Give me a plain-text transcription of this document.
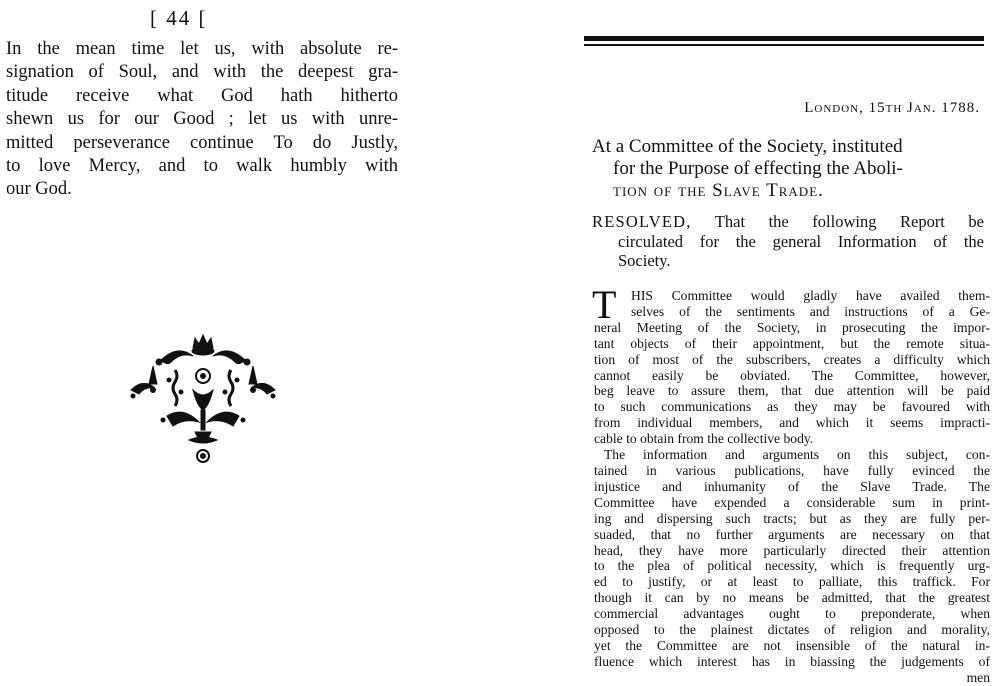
[ 44 [
In the mean time let us, with absolute re-
signation of Soul, and with the deepest gra-
titude receive what God hath hitherto
shewn us for our Good ; let us with unre-
mitted perseverance continue To do Justly,
to love Mercy, and to walk humbly with
our God.
London, 15th Jan. 1788.
At a Committee of the Society, instituted
for the Purpose of effecting the Aboli-
tion of the Slave Trade.
RESOLVED, That the following Report be
circulated for the general Information of the
Society.
T	HIS Committee would gladly have availed them-
selves of the sentiments and instructions of a Ge-
neral Meeting of the Society, in prosecuting the impor-
tant objects of their appointment, but the remote situa-
tion of most of the subscribers, creates a difficulty which
cannot easily be obviated. The Committee, however,
beg leave to assure them, that due attention will be paid
to such communications as they may be favoured with
from individual members, and which it seems impracti-
cable to obtain from the collective body.
The information and arguments on this subject, con-
tained in various publications, have fully evinced the
injustice and inhumanity of the Slave Trade. The
Committee have expended a considerable sum in print-
ing and dispersing such tracts; but as they are fully per-
suaded, that no further arguments are necessary on that
head, they have more particularly directed their attention
to the plea of political necessity, which is frequently urg-
ed to justify, or at least to palliate, this traffick. For
though it can by no means be admitted, that the greatest
commercial advantages ought to preponderate, when
opposed to the plainest dictates of religion and morality,
yet the Committee are not insensible of the natural in-
fluence which interest has in biassing the judgements of
men
